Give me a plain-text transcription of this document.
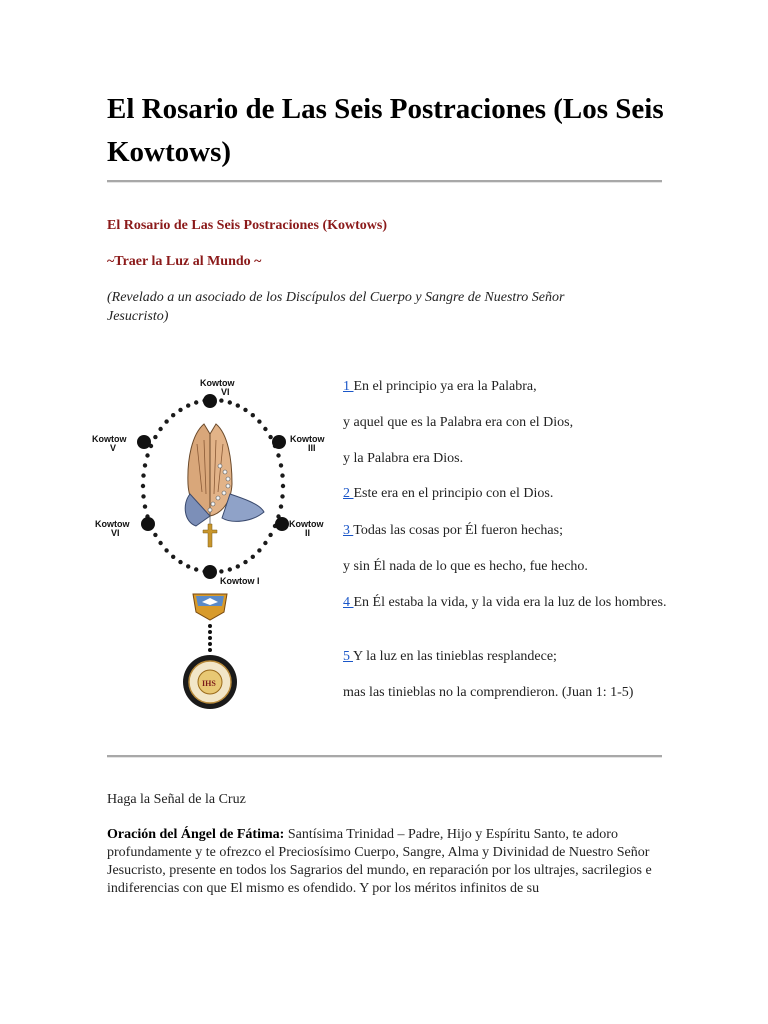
El Rosario de Las Seis Postraciones (Los Seis Kowtows)

El Rosario de Las Seis Postraciones (Kowtows)

~Traer la Luz al Mundo ~

(Revelado a un asociado de los Discípulos del Cuerpo y Sangre de Nuestro Señor Jesucristo)

Kowtow
VI
Kowtow
III
Kowtow
V
Kowtow
II
Kowtow
VI
Kowtow I
IHS

1 En el principio ya era la Palabra,

y aquel que es la Palabra era con el Dios,

y la Palabra era Dios.

2 Este era en el principio con el Dios.

3 Todas las cosas por Él fueron hechas;

y sin Él nada de lo que es hecho, fue hecho.

4 En Él estaba la vida, y la vida era la luz de los hombres.

5 Y la luz en las tinieblas resplandece;

mas las tinieblas no la comprendieron. (Juan 1: 1-5)

Haga la Señal de la Cruz

Oración del Ángel de Fátima: Santísima Trinidad – Padre, Hijo y Espíritu Santo, te adoro profundamente y te ofrezco el Preciosísimo Cuerpo, Sangre, Alma y Divinidad de Nuestro Señor Jesucristo, presente en todos los Sagrarios del mundo, en reparación por los ultrajes, sacrilegios e indiferencias con que El mismo es ofendido. Y por los méritos infinitos de su
